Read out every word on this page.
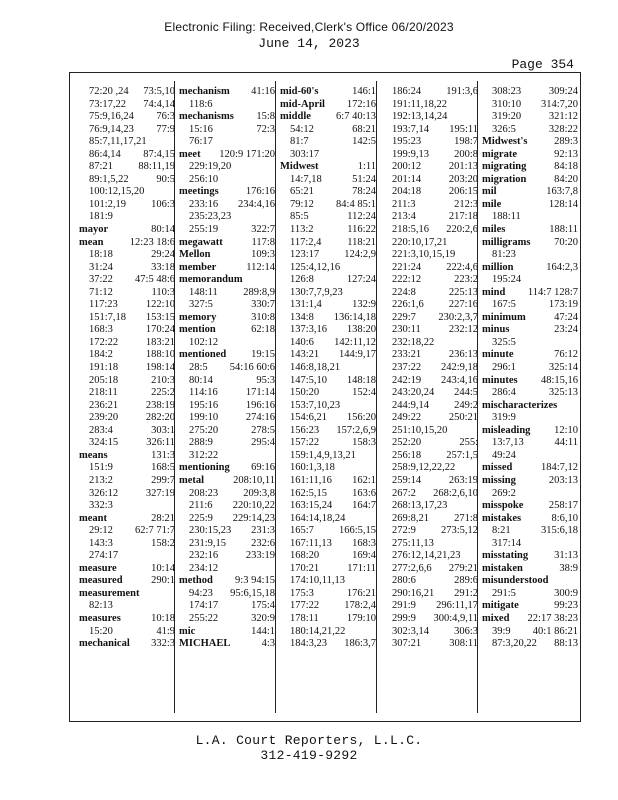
Electronic Filing: Received,Clerk's Office 06/20/2023
June 14, 2023
Page 354
72:20 ,24 73:5,10
73:17,22 74:4,14
75:9,16,24 76:3
76:9,14,23 77:9
85:7,11,17,21
86:4,14 87:4,15
87:21 88:11,19
89:1,5,22	90:5
100:12,15,20
101:2,19 106:3
181:9
mayor	80:14
mean	12:23 18:6
18:18	29:24
31:24	33:18
37:22 47:5 48:6
71:12	110:3
117:23	122:10
151:7,18 153:15
168:3	170:24
172:22	183:21
184:2	188:10
191:18	198:14
205:18	210:3
218:11	225:2
236:21	238:19
239:20	282:20
283:4	303:1
324:15	326:11
means	131:3
151:9	168:5
213:2	299:7
326:12	327:19
332:3
meant	28:21
29:12 62:7 71:7
143:3	158:2
274:17
measure	10:14
measured	290:1
measurement
82:13
measures	10:18
15:20	41:9
mechanical 332:3
mechanism 41:16
118:6
mechanisms 15:8
15:16	72:3
76:17
meet 120:9 171:20
229:19,20
256:10
meetings	176:16
233:16 234:4,16
235:23,23
255:19	322:7
megawatt	117:8
Mellon	109:3
member	112:14
memorandum
148:11 289:8,9
327:5	330:7
memory	310:8
mention	62:18
102:12
mentioned 19:15
28:5 54:16 60:6
80:14	95:3
114:16	171:14
195:16	196:16
199:10	274:16
275:20	278:5
288:9	295:4
312:22
mentioning 69:16
metal	208:10,11
208:23 209:3,8
211:6 220:10,22
225:9 229:14,23
230:15,23 231:3
231:9,15 232:6
232:16	233:19
234:12
method 9:3 94:15
94:23 95:6,15,18
174:17	175:4
255:22	320:9
mic	144:1
MICHAEL	4:3
mid-60's	146:1
mid-April 172:16
middle 6:7 40:13
54:12	68:21
81:7	142:5
303:17
Midwest	1:11
14:7,18	51:24
65:21	78:24
79:12 84:4 85:1
85:5	112:24
113:2	116:22
117:2,4 118:21
123:17 124:2,9
125:4,12,16
126:8	127:24
130:7,7,9,23
131:1,4	132:9
134:8 136:14,18
137:3,16 138:20
140:6 142:11,12
143:21 144:9,17
146:8,18,21
147:5,10 148:18
150:20	152:4
153:7,10,23
154:6,21 156:20
156:23 157:2,6,9
157:22	158:3
159:1,4,9,13,21
160:1,3,18
161:11,16 162:1
162:5,15 163:6
163:15,24 164:7
164:14,18,24
165:7 166:5,15
167:11,13 168:3
168:20	169:4
170:21	171:11
174:10,11,13
175:3	176:21
177:22 178:2,4
178:11	179:10
180:14,21,22
184:3,23 186:3,7
186:24 191:3,6
191:11,18,22
192:13,14,24
193:7,14 195:11
195:23	198:7
199:9,13 200:8
200:12	201:13
201:14	203:20
204:18	206:15
211:3	212:3
213:4	217:18
218:5,16 220:2,6
220:10,17,21
221:3,10,15,19
221:24 222:4,6
222:12	223:2
224:8	225:13
226:1,6 227:16
229:7 230:2,3,7
230:11	232:12
232:18,22
233:21	236:13
237:22 242:9,18
242:19 243:4,16
243:20,24 244:5
244:9,14 249:2
249:22	250:21
251:10,15,20
252:20	255:
256:18 257:1,5
258:9,12,22,22
259:14	263:19
267:2 268:2,6,10
268:13,17,23
269:8,21 271:8
272:9 273:5,12
275:11,13
276:12,14,21,23
277:2,6,6 279:21
280:6	289:6
290:16,21 291:2
291:9 296:11,17
299:9 300:4,9,11
302:3,14 306:3
307:21	308:11
308:23	309:24
310:10 314:7,20
319:20	321:12
326:5	328:22
Midwest's	289:3
migrate	92:13
migrating	84:18
migration	84:20
mil	163:7,8
mile	128:14
188:11
miles	188:11
milligrams 70:20
81:23
million	164:2,3
195:24
mind 114:7 128:7
167:5	173:19
minimum	47:24
minus	23:24
325:5
minute	76:12
296:1	325:14
minutes 48:15,16
286:4	325:13
mischaracterizes
319:9
misleading 12:10
13:7,13	44:11
49:24
missed	184:7,12
missing	203:13
269:2
misspoke 258:17
mistakes	8:6,10
8:21	315:6,18
317:14
misstating 31:13
mistaken	38:9
misunderstood
291:5	300:9
mitigate	99:23
mixed 22:17 38:23
39:9 40:1 86:21
87:3,20,22 88:13
L.A. Court Reporters, L.L.C.
312-419-9292
